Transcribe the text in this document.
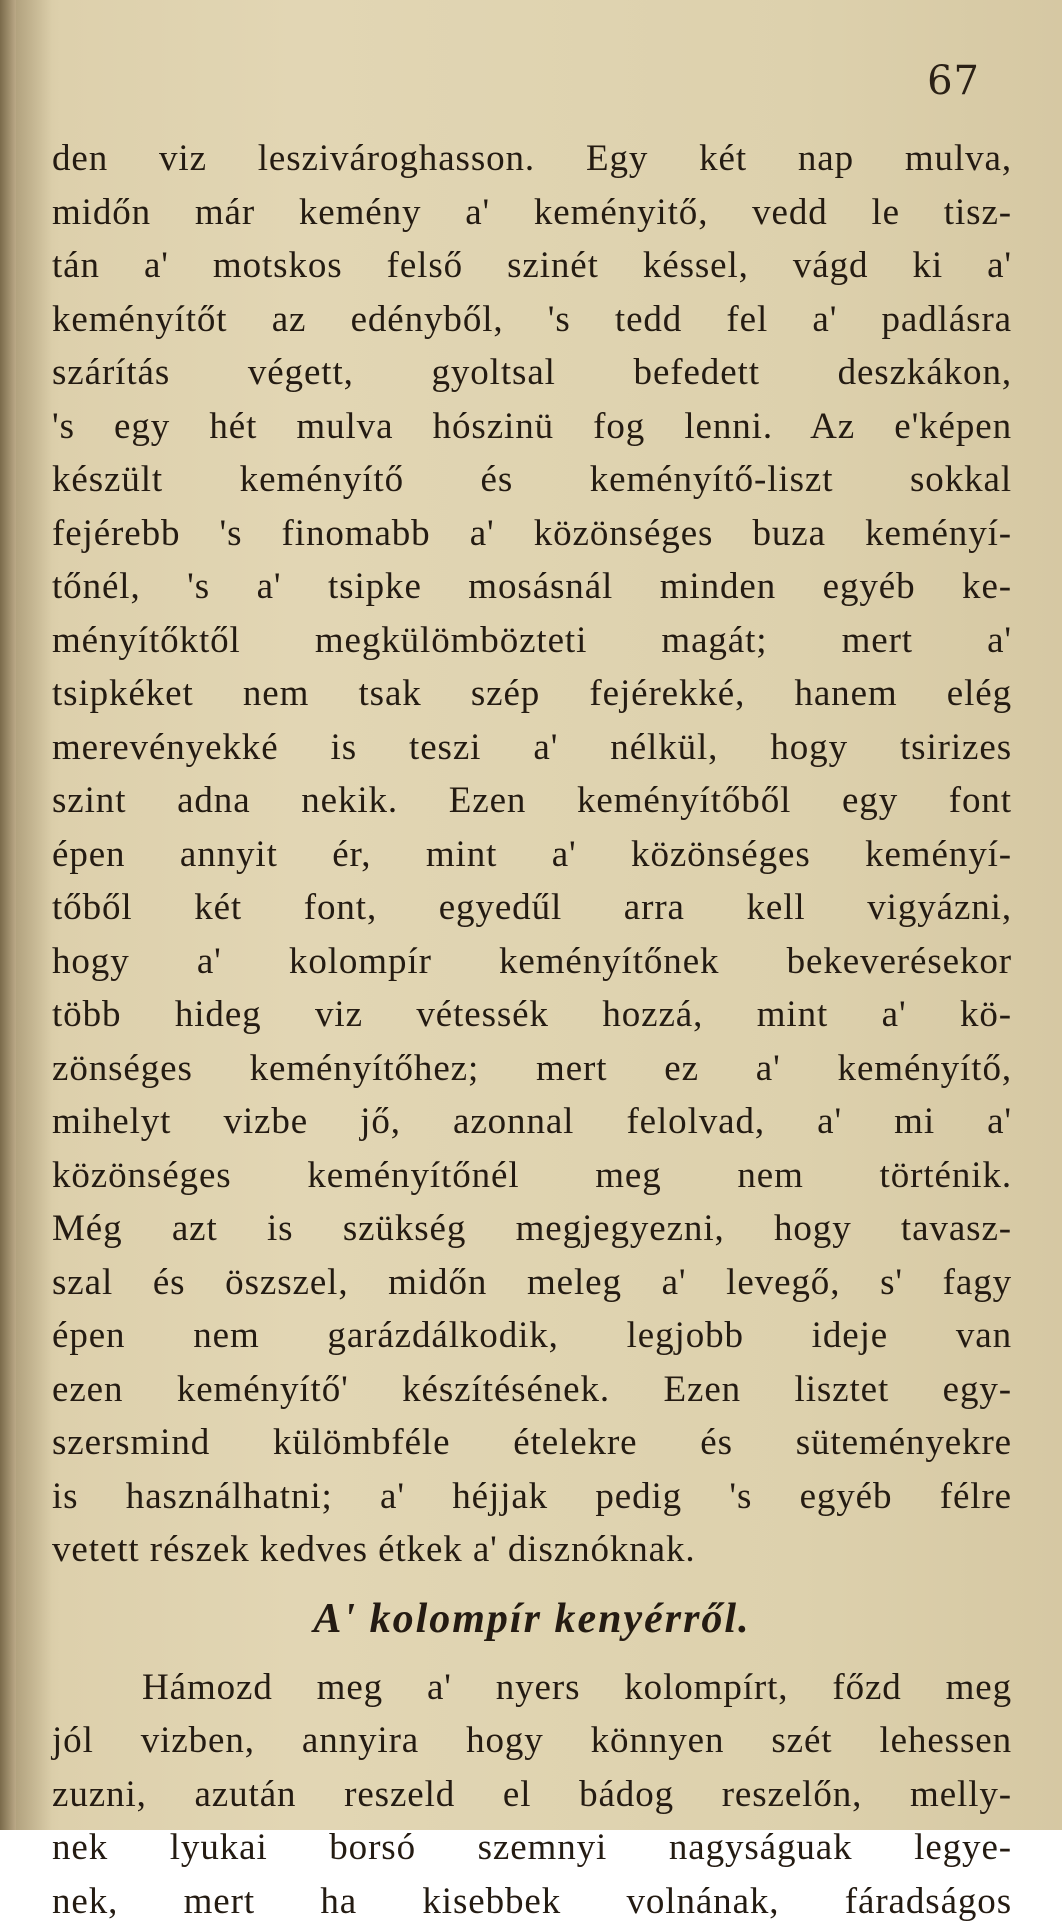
67
den viz leszivároghasson. Egy két nap mulva,
midőn már kemény a' keményitő, vedd le tisz-
tán a' motskos felső szinét késsel, vágd ki a'
keményítőt az edényből, 's tedd fel a' padlásra
szárítás végett, gyoltsal befedett deszkákon,
's egy hét mulva hószinü fog lenni. Az e'képen
készült keményítő és keményítő-liszt sokkal
fejérebb 's finomabb a' közönséges buza keményí-
tőnél, 's a' tsipke mosásnál minden egyéb ke-
ményítőktől megkülömbözteti magát; mert a'
tsipkéket nem tsak szép fejérekké, hanem elég
merevényekké is teszi a' nélkül, hogy tsirizes
szint adna nekik. Ezen keményítőből egy font
épen annyit ér, mint a' közönséges keményí-
tőből két font, egyedűl arra kell vigyázni,
hogy a' kolompír keményítőnek bekeverésekor
több hideg viz vétessék hozzá, mint a' kö-
zönséges keményítőhez; mert ez a' keményítő,
mihelyt vizbe jő, azonnal felolvad, a' mi a'
közönséges keményítőnél meg nem történik.
Még azt is szükség megjegyezni, hogy tavasz-
szal és öszszel, midőn meleg a' levegő, s' fagy
épen nem garázdálkodik, legjobb ideje van
ezen keményítő' készítésének. Ezen lisztet egy-
szersmind külömbféle ételekre és süteményekre
is használhatni; a' héjjak pedig 's egyéb félre
vetett részek kedves étkek a' disznóknak.
A' kolompír kenyérről.
Hámozd meg a' nyers kolompírt, főzd meg
jól vizben, annyira hogy könnyen szét lehessen
zuzni, azután reszeld el bádog reszelőn, melly-
nek lyukai borsó szemnyi nagyságuak legye-
nek, mert ha kisebbek volnának, fáradságos
